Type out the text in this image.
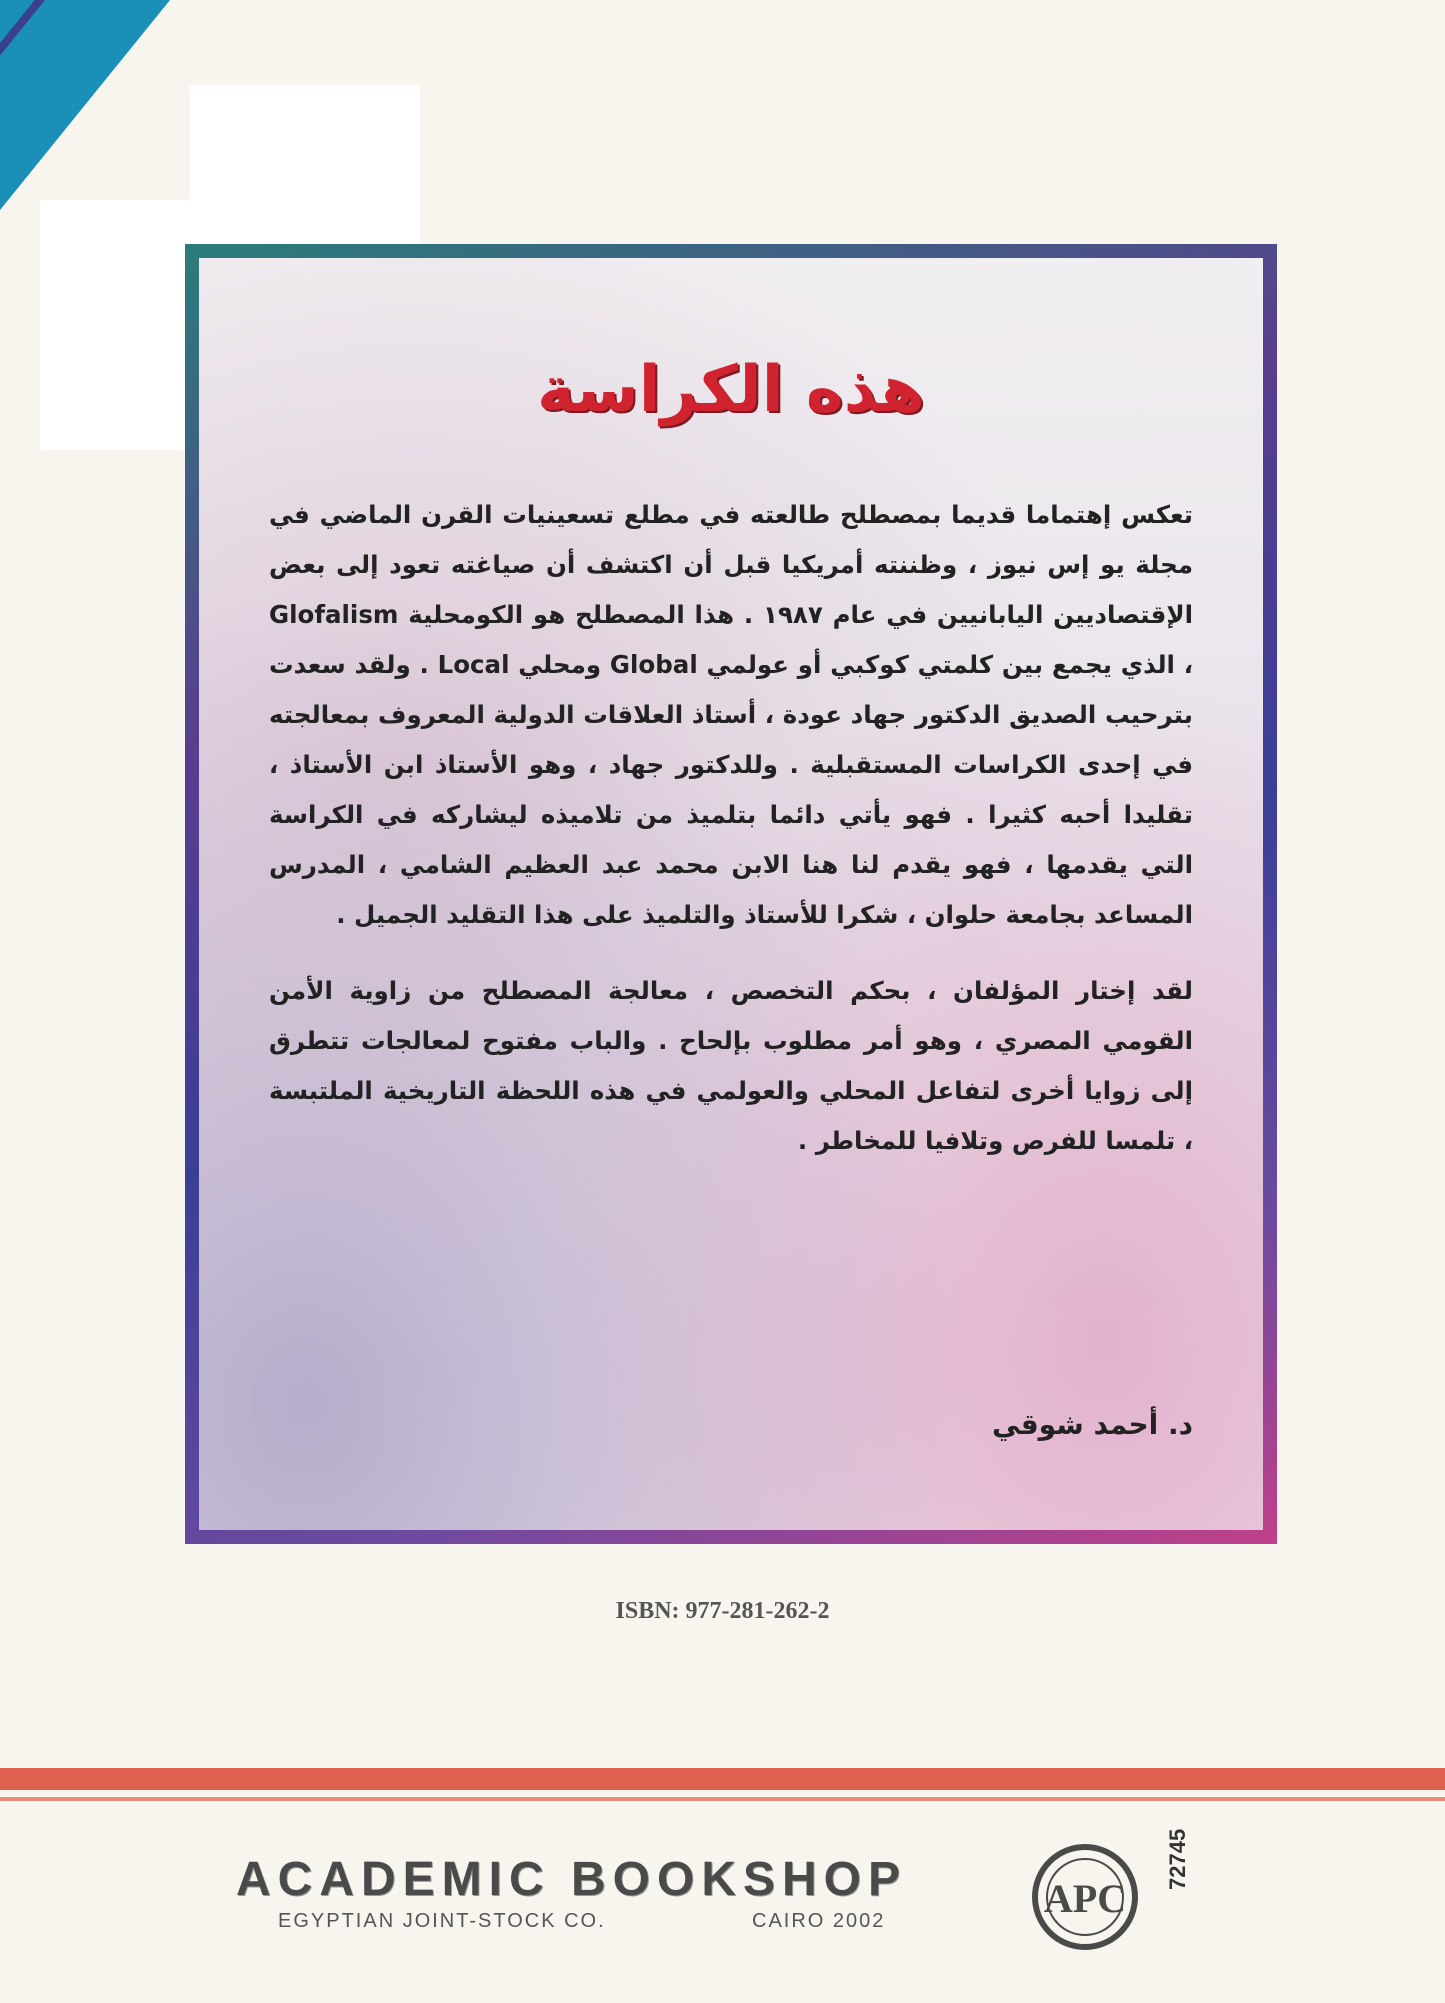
هذه الكراسة

تعكس إهتماما قديما بمصطلح طالعته في مطلع تسعينيات القرن الماضي في مجلة يو إس نيوز ، وظننته أمريكيا قبل أن اكتشف أن صياغته تعود إلى بعض الإقتصاديين اليابانيين في عام ١٩٨٧ . هذا المصطلح هو الكومحلية Glofalism ، الذي يجمع بين كلمتي كوكبي أو عولمي Global ومحلي Local . ولقد سعدت بترحيب الصديق الدكتور جهاد عودة ، أستاذ العلاقات الدولية المعروف بمعالجته في إحدى الكراسات المستقبلية . وللدكتور جهاد ، وهو الأستاذ ابن الأستاذ ، تقليدا أحبه كثيرا . فهو يأتي دائما بتلميذ من تلاميذه ليشاركه في الكراسة التي يقدمها ، فهو يقدم لنا هنا الابن محمد عبد العظيم الشامي ، المدرس المساعد بجامعة حلوان ، شكرا للأستاذ والتلميذ على هذا التقليد الجميل .

لقد إختار المؤلفان ، بحكم التخصص ، معالجة المصطلح من زاوية الأمن القومي المصري ، وهو أمر مطلوب بإلحاح . والباب مفتوح لمعالجات تتطرق إلى زوايا أخرى لتفاعل المحلي والعولمي في هذه اللحظة التاريخية الملتبسة ، تلمسا للفرص وتلافيا للمخاطر .

د. أحمد شوقي
ISBN: 977-281-262-2
ACADEMIC BOOKSHOP
EGYPTIAN JOINT-STOCK CO.	CAIRO 2002	APC
72745
